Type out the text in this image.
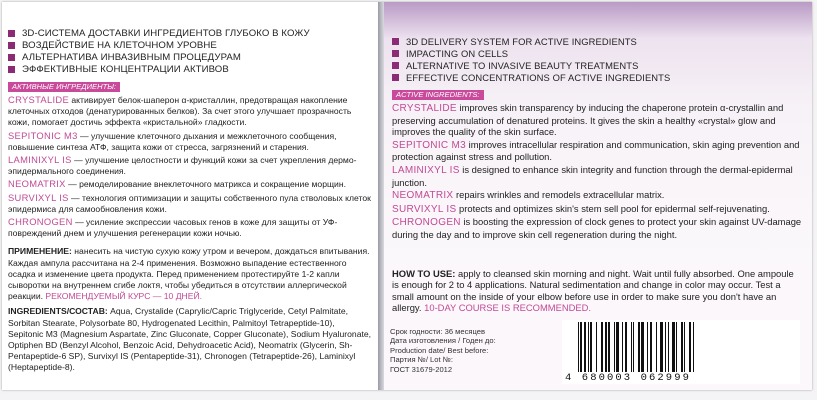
3D-СИСТЕМА ДОСТАВКИ ИНГРЕДИЕНТОВ ГЛУБОКО В КОЖУ
ВОЗДЕЙСТВИЕ НА КЛЕТОЧНОМ УРОВНЕ
АЛЬТЕРНАТИВА ИНВАЗИВНЫМ ПРОЦЕДУРАМ
ЭФФЕКТИВНЫЕ КОНЦЕНТРАЦИИ АКТИВОВ
АКТИВНЫЕ ИНГРЕДИЕНТЫ:
CRYSTALIDE активирует белок-шаперон α-кристаллин, предотвращая накопление клеточных отходов (денатурированных белков). За счет этого улучшает прозрачность кожи, помогает достичь эффекта «кристальной» гладкости.
SEPITONIC M3 — улучшение клеточного дыхания и межклеточного сообщения, повышение синтеза АТФ, защита кожи от стресса, загрязнений и старения.
LAMINIXYL IS — улучшение целостности и функций кожи за счет укрепления дермо-эпидермального соединения.
NEOMATRIX — ремоделирование внеклеточного матрикса и сокращение морщин.
SURVIXYL IS — технология оптимизации и защиты собственного пула стволовых клеток эпидермиса для самообновления кожи.
CHRONOGEN — усиление экспрессии часовых генов в коже для защиты от УФ-повреждений днем и улучшения регенерации кожи ночью.
ПРИМЕНЕНИЕ: нанесить на чистую сухую кожу утром и вечером, дождаться впитывания. Каждая ампула рассчитана на 2-4 применения. Возможно выпадение естественного осадка и изменение цвета продукта. Перед применением протестируйте 1-2 капли сыворотки на внутреннем сгибе локтя, чтобы убедиться в отсутствии аллергической реакции. РЕКОМЕНДУЕМЫЙ КУРС — 10 ДНЕЙ.
INGREDIENTS/СОСТАВ: Aqua, Crystalide (Caprylic/Capric Triglyceride, Cetyl Palmitate, Sorbitan Stearate, Polysorbate 80, Hydrogenated Lecithin, Palmitoyl Tetrapeptide-10), Sepitonic M3 (Magnesium Aspartate, Zinc Gluconate, Copper Gluconate), Sodium Hyaluronate, Optiphen BD (Benzyl Alcohol, Benzoic Acid, Dehydroacetic Acid), Neomatrix (Glycerin, Sh-Pentapeptide-6 SP), Survixyl IS (Pentapeptide-31), Chronogen (Tetrapeptide-26), Laminixyl (Heptapeptide-8).
3D DELIVERY SYSTEM FOR ACTIVE INGREDIENTS
IMPACTING ON CELLS
ALTERNATIVE TO INVASIVE BEAUTY TREATMENTS
EFFECTIVE CONCENTRATIONS OF ACTIVE INGREDIENTS
ACTIVE INGREDIENTS:
CRYSTALIDE improves skin transparency by inducing the chaperone protein α-crystallin and preserving accumulation of denatured proteins. It gives the skin a healthy «crystal» glow and improves the quality of the skin surface.
SEPITONIC M3 improves intracellular respiration and communication, skin aging prevention and protection against stress and pollution.
LAMINIXYL IS is designed to enhance skin integrity and function through the dermal-epidermal junction.
NEOMATRIX repairs wrinkles and remodels extracellular matrix.
SURVIXYL IS protects and optimizes skin's stem sell pool for epidermal self-rejuvenating.
CHRONOGEN is boosting the expression of clock genes to protect your skin against UV-damage during the day and to improve skin cell regeneration during the night.
HOW TO USE: apply to cleansed skin morning and night. Wait until fully absorbed. One ampoule is enough for 2 to 4 applications. Natural sedimentation and change in color may occur. Test a small amount on the inside of your elbow before use in order to make sure you don't have an allergy. 10-DAY COURSE IS RECOMMENDED.
Срок годности: 36 месяцев
Дата изготовления / Годен до:
Production date/ Best before:
Партия №/ Lot №:
ГОСТ 31679-2012
4 680003 062999
